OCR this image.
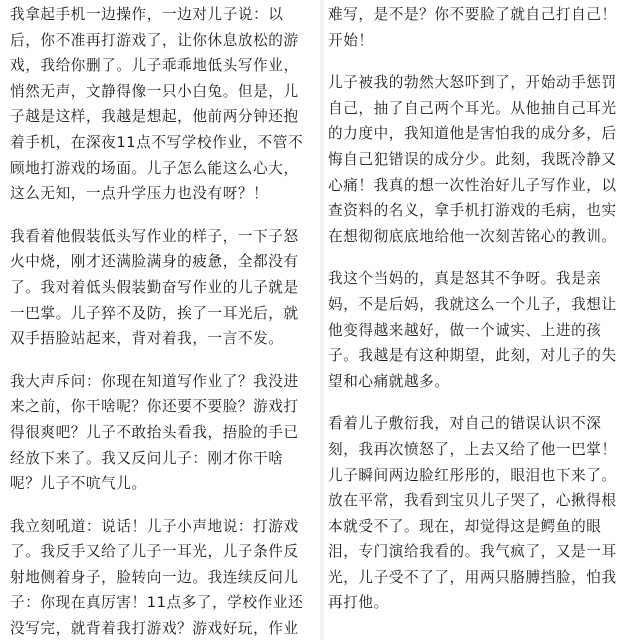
我拿起手机一边操作，一边对儿子说：以
后，你不准再打游戏了，让你休息放松的游
戏，我给你删了。儿子乖乖地低头写作业，
悄然无声，文静得像一只小白兔。但是，儿
子越是这样，我越是想起，他前两分钟还抱
着手机，在深夜11点不写学校作业，不管不
顾地打游戏的场面。儿子怎么能这么心大，
这么无知，一点升学压力也没有呀？！
我看着他假装低头写作业的样子，一下子怒
火中烧，刚才还满脸满身的疲惫，全都没有
了。我对着低头假装勤奋写作业的儿子就是
一巴掌。儿子猝不及防，挨了一耳光后，就
双手捂脸站起来，背对着我，一言不发。
我大声斥问：你现在知道写作业了？我没进
来之前，你干啥呢？你还要不要脸？游戏打
得很爽吧？儿子不敢抬头看我，捂脸的手已
经放下来了。我又反问儿子：刚才你干啥
呢？儿子不吭气儿。
我立刻吼道：说话！儿子小声地说：打游戏
了。我反手又给了儿子一耳光，儿子条件反
射地侧着身子，脸转向一边。我连续反问儿
子：你现在真厉害！11点多了，学校作业还
没写完，就背着我打游戏？游戏好玩，作业
难写，是不是？你不要脸了就自己打自己！
开始！
儿子被我的勃然大怒吓到了，开始动手惩罚
自己，抽了自己两个耳光。从他抽自己耳光
的力度中，我知道他是害怕我的成分多，后
悔自己犯错误的成分少。此刻，我既冷静又
心痛！我真的想一次性治好儿子写作业，以
查资料的名义，拿手机打游戏的毛病，也实
在想彻彻底底地给他一次刻苦铭心的教训。
我这个当妈的，真是怒其不争呀。我是亲
妈，不是后妈，我就这么一个儿子，我想让
他变得越来越好，做一个诚实、上进的孩
子。我越是有这种期望，此刻，对儿子的失
望和心痛就越多。
看着儿子敷衍我，对自己的错误认识不深
刻，我再次愤怒了，上去又给了他一巴掌！
儿子瞬间两边脸红彤彤的，眼泪也下来了。
放在平常，我看到宝贝儿子哭了，心揪得根
本就受不了。现在，却觉得这是鳄鱼的眼
泪，专门演给我看的。我气疯了，又是一耳
光，儿子受不了了，用两只胳膊挡脸，怕我
再打他。
